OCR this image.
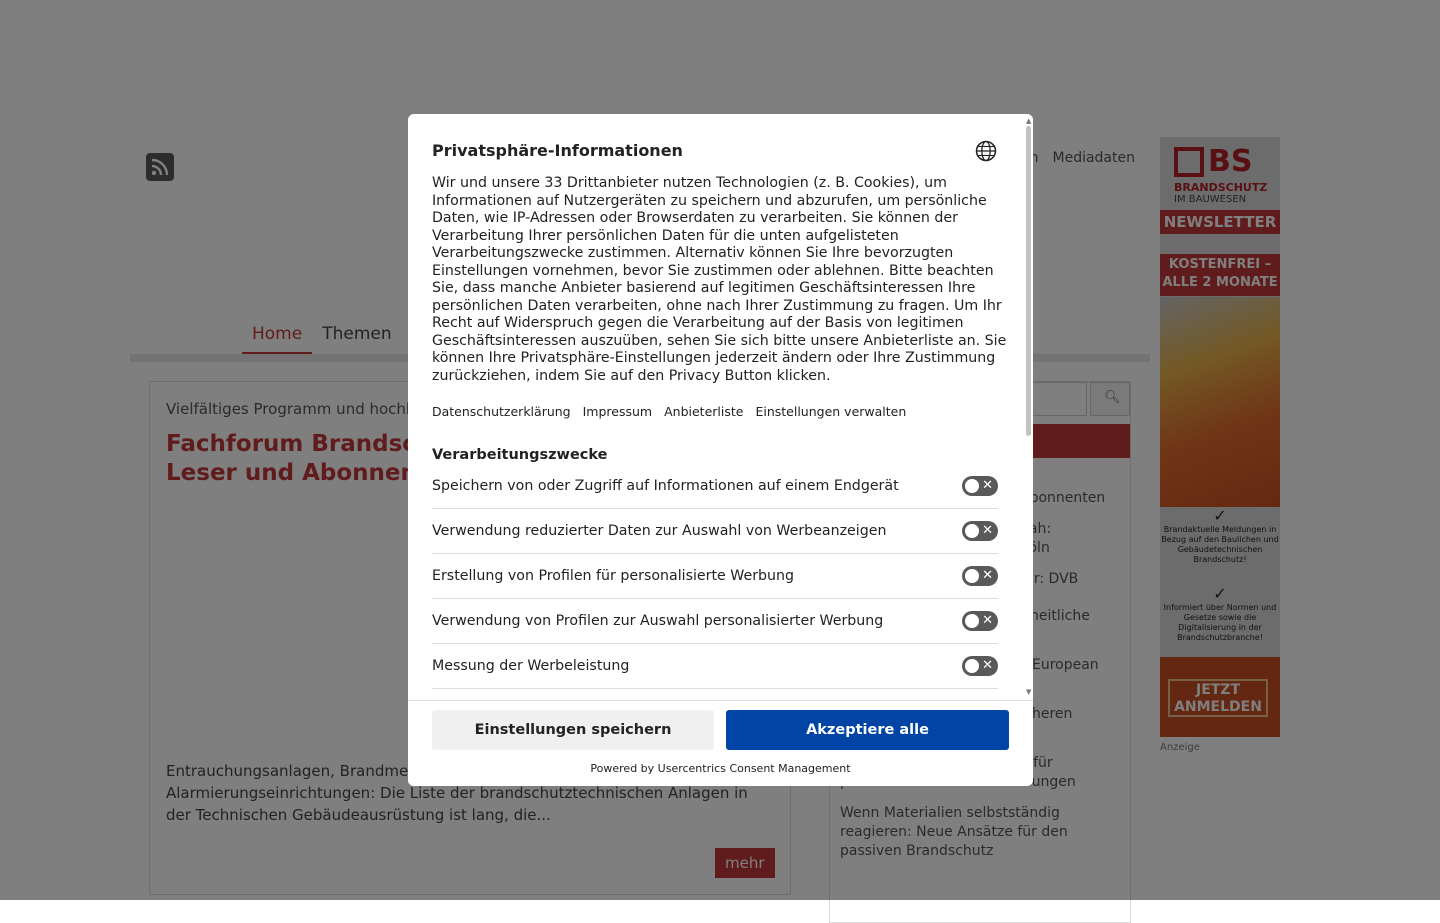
Privatsphäre-Informationen
Wir und unsere 33 Drittanbieter nutzen Technologien (z. B. Cookies), um Informationen auf Nutzergeräten zu speichern und abzurufen, um persönliche Daten, wie IP-Adressen oder Browserdaten zu verarbeiten. Sie können der Verarbeitung Ihrer persönlichen Daten für die unten aufgelisteten Verarbeitungszwecke zustimmen. Alternativ können Sie Ihre bevorzugten Einstellungen vornehmen, bevor Sie zustimmen oder ablehnen. Bitte beachten Sie, dass manche Anbieter basierend auf legitimen Geschäftsinteressen Ihre persönlichen Daten verarbeiten, ohne nach Ihrer Zustimmung zu fragen. Um Ihr Recht auf Widerspruch gegen die Verarbeitung auf der Basis von legitimen Geschäftsinteressen auszuüben, sehen Sie sich bitte unsere Anbieterliste an. Sie können Ihre Privatsphäre-Einstellungen jederzeit ändern oder Ihre Zustimmung zurückziehen, indem Sie auf den Privacy Button klicken.
Datenschutzerklärung Impressum Anbieterliste Einstellungen verwalten
Verarbeitungszwecke
Speichern von oder Zugriff auf Informationen auf einem Endgerät	✕
Verwendung reduzierter Daten zur Auswahl von Werbeanzeigen	✕
Erstellung von Profilen für personalisierte Werbung	✕
Verwendung von Profilen zur Auswahl personalisierter Werbung	✕
Messung der Werbeleistung	✕
▲
▼
Einstellungen speichern	Akzeptiere alle
Powered by Usercentrics Consent Management
